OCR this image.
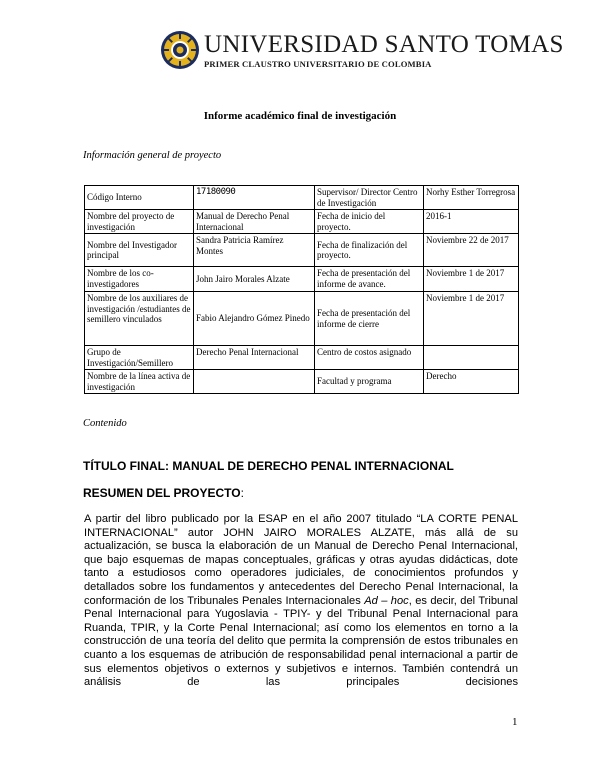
UNIVERSIDAD SANTO TOMAS
PRIMER CLAUSTRO UNIVERSITARIO DE COLOMBIA
Informe académico final de investigación
Información general de proyecto
Código Interno	17180090	Supervisor/ Director Centro de Investigación	Norhy Esther Torregrosa
Nombre del proyecto de investigación	Manual de Derecho Penal Internacional	Fecha de inicio del proyecto.	2016-1
Nombre del Investigador principal	Sandra Patricia Ramírez Montes	Fecha de finalización del proyecto.	Noviembre 22 de 2017
Nombre de los co-investigadores	John Jairo Morales Alzate	Fecha de presentación del informe de avance.	Noviembre 1 de 2017
Nombre de los auxiliares de investigación /estudiantes de semillero vinculados	Fabio Alejandro Gómez Pinedo	Fecha de presentación del informe de cierre	Noviembre 1 de 2017
Grupo de Investigación/Semillero	Derecho Penal Internacional	Centro de costos asignado	
Nombre de la línea activa de investigación		Facultad y programa	Derecho
Contenido
TÍTULO FINAL: MANUAL DE DERECHO PENAL INTERNACIONAL
RESUMEN DEL PROYECTO:
A partir del libro publicado por la ESAP en el año 2007 titulado “LA CORTE PENAL INTERNACIONAL” autor JOHN JAIRO MORALES ALZATE, más allá de su actualización, se busca la elaboración de un Manual de Derecho Penal Internacional, que bajo esquemas de mapas conceptuales, gráficas y otras ayudas didácticas, dote tanto a estudiosos como operadores judiciales, de conocimientos profundos y detallados sobre los fundamentos y antecedentes del Derecho Penal Internacional, la conformación de los Tribunales Penales Internacionales Ad – hoc, es decir, del Tribunal Penal Internacional para Yugoslavia - TPIY- y del Tribunal Penal Internacional para Ruanda, TPIR, y la Corte Penal Internacional; así como los elementos en torno a la construcción de una teoría del delito que permita la comprensión de estos tribunales en cuanto a los esquemas de atribución de responsabilidad penal internacional a partir de sus elementos objetivos o externos y subjetivos e internos. También contendrá un análisis de las principales decisiones
1
